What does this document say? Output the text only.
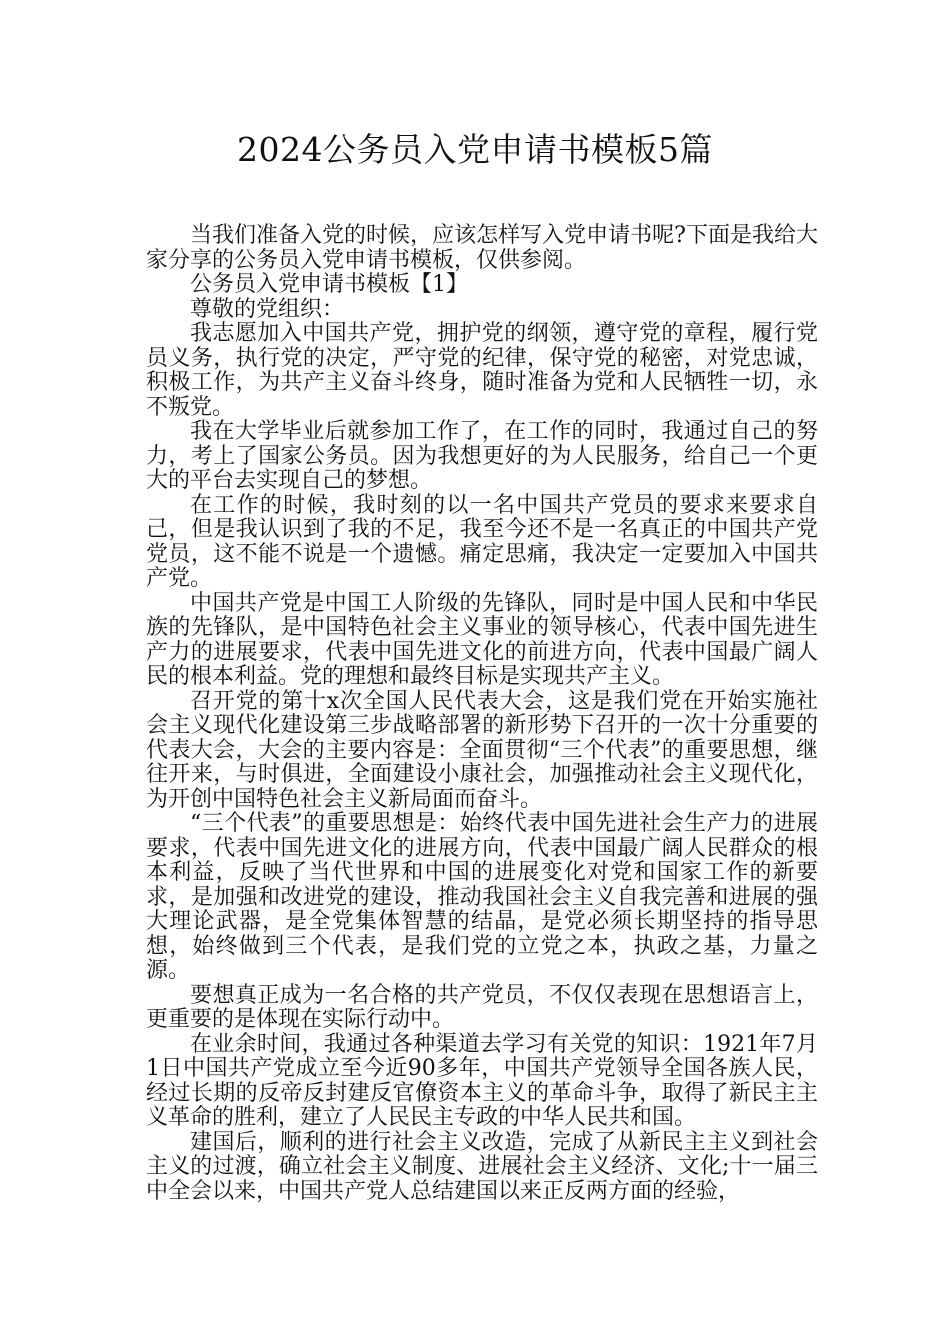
2024公务员入党申请书模板5篇

当我们准备入党的时候，应该怎样写入党申请书呢?下面是我给大家分享的公务员入党申请书模板，仅供参阅。

公务员入党申请书模板【1】

尊敬的党组织：

我志愿加入中国共产党，拥护党的纲领，遵守党的章程，履行党员义务，执行党的决定，严守党的纪律，保守党的秘密，对党忠诚，积极工作，为共产主义奋斗终身，随时准备为党和人民牺牲一切，永不叛党。

我在大学毕业后就参加工作了，在工作的同时，我通过自己的努力，考上了国家公务员。因为我想更好的为人民服务，给自己一个更大的平台去实现自己的梦想。

在工作的时候，我时刻的以一名中国共产党员的要求来要求自己，但是我认识到了我的不足，我至今还不是一名真正的中国共产党党员，这不能不说是一个遗憾。痛定思痛，我决定一定要加入中国共产党。

中国共产党是中国工人阶级的先锋队，同时是中国人民和中华民族的先锋队，是中国特色社会主义事业的领导核心，代表中国先进生产力的进展要求，代表中国先进文化的前进方向，代表中国最广阔人民的根本利益。党的理想和最终目标是实现共产主义。

召开党的第十x次全国人民代表大会，这是我们党在开始实施社会主义现代化建设第三步战略部署的新形势下召开的一次十分重要的代表大会，大会的主要内容是：全面贯彻“三个代表”的重要思想，继往开来，与时俱进，全面建设小康社会，加强推动社会主义现代化，为开创中国特色社会主义新局面而奋斗。

“三个代表”的重要思想是：始终代表中国先进社会生产力的进展要求，代表中国先进文化的进展方向，代表中国最广阔人民群众的根本利益，反映了当代世界和中国的进展变化对党和国家工作的新要求，是加强和改进党的建设，推动我国社会主义自我完善和进展的强大理论武器，是全党集体智慧的结晶，是党必须长期坚持的指导思想，始终做到三个代表，是我们党的立党之本，执政之基，力量之源。

要想真正成为一名合格的共产党员，不仅仅表现在思想语言上，更重要的是体现在实际行动中。

在业余时间，我通过各种渠道去学习有关党的知识：1921年7月1日中国共产党成立至今近90多年，中国共产党领导全国各族人民，经过长期的反帝反封建反官僚资本主义的革命斗争，取得了新民主主义革命的胜利，建立了人民民主专政的中华人民共和国。

建国后，顺利的进行社会主义改造，完成了从新民主主义到社会主义的过渡，确立社会主义制度、进展社会主义经济、文化;十一届三中全会以来，中国共产党人总结建国以来正反两方面的经验，
